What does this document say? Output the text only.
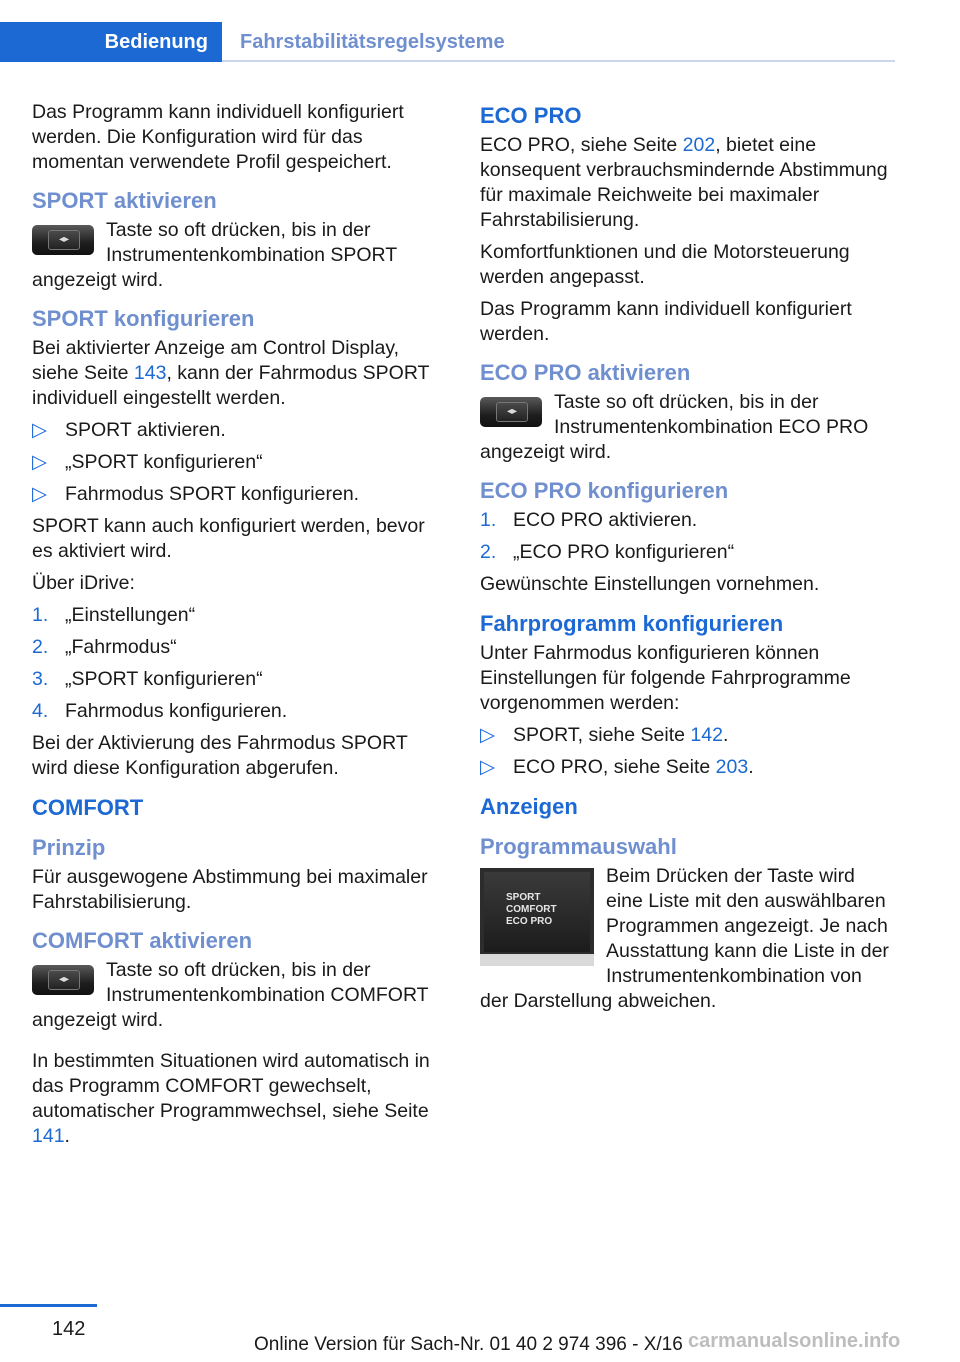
Bedienung	Fahrstabilitätsregelsysteme

Das Programm kann individuell konfiguriert werden. Die Konfiguration wird für das momentan verwendete Profil gespeichert.

SPORT aktivieren

◂▸	Taste so oft drücken, bis in der Instrumentenkombination SPORT angezeigt wird.

SPORT konfigurieren

Bei aktivierter Anzeige am Control Display, siehe Seite 143, kann der Fahrmodus SPORT individuell eingestellt werden.

▷ SPORT aktivieren.
▷ „SPORT konfigurieren“
▷ Fahrmodus SPORT konfigurieren.

SPORT kann auch konfiguriert werden, bevor es aktiviert wird.

Über iDrive:

1. „Einstellungen“
2. „Fahrmodus“
3. „SPORT konfigurieren“
4. Fahrmodus konfigurieren.

Bei der Aktivierung des Fahrmodus SPORT wird diese Konfiguration abgerufen.

COMFORT
Prinzip

Für ausgewogene Abstimmung bei maximaler Fahrstabilisierung.

COMFORT aktivieren

◂▸	Taste so oft drücken, bis in der Instrumentenkombination COMFORT angezeigt wird.

In bestimmten Situationen wird automatisch in das Programm COMFORT gewechselt, automatischer Programmwechsel, siehe Seite 141.

ECO PRO

ECO PRO, siehe Seite 202, bietet eine konsequent verbrauchsmindernde Abstimmung für maximale Reichweite bei maximaler Fahrstabilisierung.

Komfortfunktionen und die Motorsteuerung werden angepasst.

Das Programm kann individuell konfiguriert werden.

ECO PRO aktivieren

◂▸	Taste so oft drücken, bis in der Instrumentenkombination ECO PRO angezeigt wird.

ECO PRO konfigurieren
1. ECO PRO aktivieren.
2. „ECO PRO konfigurieren“

Gewünschte Einstellungen vornehmen.

Fahrprogramm konfigurieren

Unter Fahrmodus konfigurieren können Einstellungen für folgende Fahrprogramme vorgenommen werden:

▷ SPORT, siehe Seite 142.
▷ ECO PRO, siehe Seite 203.
Anzeigen
Programmauswahl

SPORT
COMFORT
ECO PRO
Beim Drücken der Taste wird eine Liste mit den auswählbaren Programmen angezeigt. Je nach Ausstattung kann die Liste in der Instrumentenkombination von der Darstellung abweichen.

142
Online Version für Sach-Nr. 01 40 2 974 396 - X/16 carmanualsonline.info
